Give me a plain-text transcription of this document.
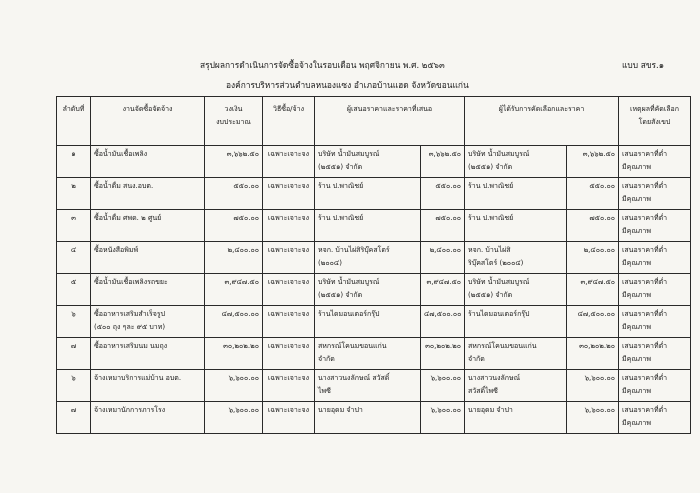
สรุปผลการดำเนินการจัดซื้อจ้างในรอบเดือน พฤศจิกายน พ.ศ. ๒๕๖๓	แบบ สขร.๑
องค์การบริหารส่วนตำบลหนองแซง อำเภอบ้านแฮด จังหวัดขอนแก่น
ลำดับที่	งานจัดซื้อจัดจ้าง	วงเงิน
งบประมาณ	วิธีซื้อ/จ้าง	ผู้เสนอราคาและราคาที่เสนอ		ผู้ได้รับการคัดเลือกและราคา		เหตุผลที่คัดเลือก
โดยสังเขป

๑	ซื้อน้ำมันเชื้อเพลิง	๓,๖๖๒.๕๐	เฉพาะเจาะจง	บริษัท น้ำมันสมบูรณ์
(๒๕๕๑) จำกัด	๓,๖๖๒.๕๐	บริษัท น้ำมันสมบูรณ์
(๒๕๕๑) จำกัด	๓,๖๖๒.๕๐	เสนอราคาที่ต่ำ
มีคุณภาพ

๒	ซื้อน้ำดื่ม สนง.อบต.	๕๕๐.๐๐	เฉพาะเจาะจง	ร้าน ป.พาณิชย์	๕๕๐.๐๐	ร้าน ป.พาณิชย์	๕๕๐.๐๐	เสนอราคาที่ต่ำ
มีคุณภาพ

๓	ซื้อน้ำดื่ม ศพด. ๒ ศูนย์	๗๕๐.๐๐	เฉพาะเจาะจง	ร้าน ป.พาณิชย์	๗๕๐.๐๐	ร้าน ป.พาณิชย์	๗๕๐.๐๐	เสนอราคาที่ต่ำ
มีคุณภาพ

๔	ซื้อหนังสือพิมพ์	๒,๔๐๐.๐๐	เฉพาะเจาะจง	หจก. บ้านไผ่สิริบุ๊คสโตร์
(๒๐๐๔)	๒,๔๐๐.๐๐	หจก. บ้านไผ่สิ
ริบุ๊คสโตร์ (๒๐๐๔)	๒,๔๐๐.๐๐	เสนอราคาที่ต่ำ
มีคุณภาพ

๕	ซื้อน้ำมันเชื้อเพลิงรถขยะ	๓,๙๔๗.๕๐	เฉพาะเจาะจง	บริษัท น้ำมันสมบูรณ์
(๒๕๕๑) จำกัด	๓,๙๔๗.๕๐	บริษัท น้ำมันสมบูรณ์
(๒๕๕๑) จำกัด	๓,๙๔๗.๕๐	เสนอราคาที่ต่ำ
มีคุณภาพ

๖	ซื้ออาหารเสริมสำเร็จรูป
(๕๐๐ ถุง ๆละ ๙๕ บาท)	๔๗,๕๐๐.๐๐	เฉพาะเจาะจง	ร้านไดมอนเตอร์กรุ๊ป	๔๗,๕๐๐.๐๐	ร้านไดมอนเตอร์กรุ๊ป	๔๗,๕๐๐.๐๐	เสนอราคาที่ต่ำ
มีคุณภาพ

๗	ซื้ออาหารเสริมนม นมถุง	๓๐,๒๐๒.๒๐	เฉพาะเจาะจง	สหกรณ์โคนมขอนแก่น
จำกัด	๓๐,๒๐๒.๒๐	สหกรณ์โคนมขอนแก่น
จำกัด	๓๐,๒๐๒.๒๐	เสนอราคาที่ต่ำ
มีคุณภาพ

๖	จ้างเหมาบริการแม่บ้าน อบต.	๖,๖๐๐.๐๐	เฉพาะเจาะจง	นางสาวนงลักษณ์ สวัสดิ์
ไพซี	๖,๖๐๐.๐๐	นางสาวนงลักษณ์
สวัสดิ์ไพซี	๖,๖๐๐.๐๐	เสนอราคาที่ต่ำ
มีคุณภาพ

๗	จ้างเหมานักการภารโรง	๖,๖๐๐.๐๐	เฉพาะเจาะจง	นายอุดม จำปา	๖,๖๐๐.๐๐	นายอุดม จำปา	๖,๖๐๐.๐๐	เสนอราคาที่ต่ำ
มีคุณภาพ
